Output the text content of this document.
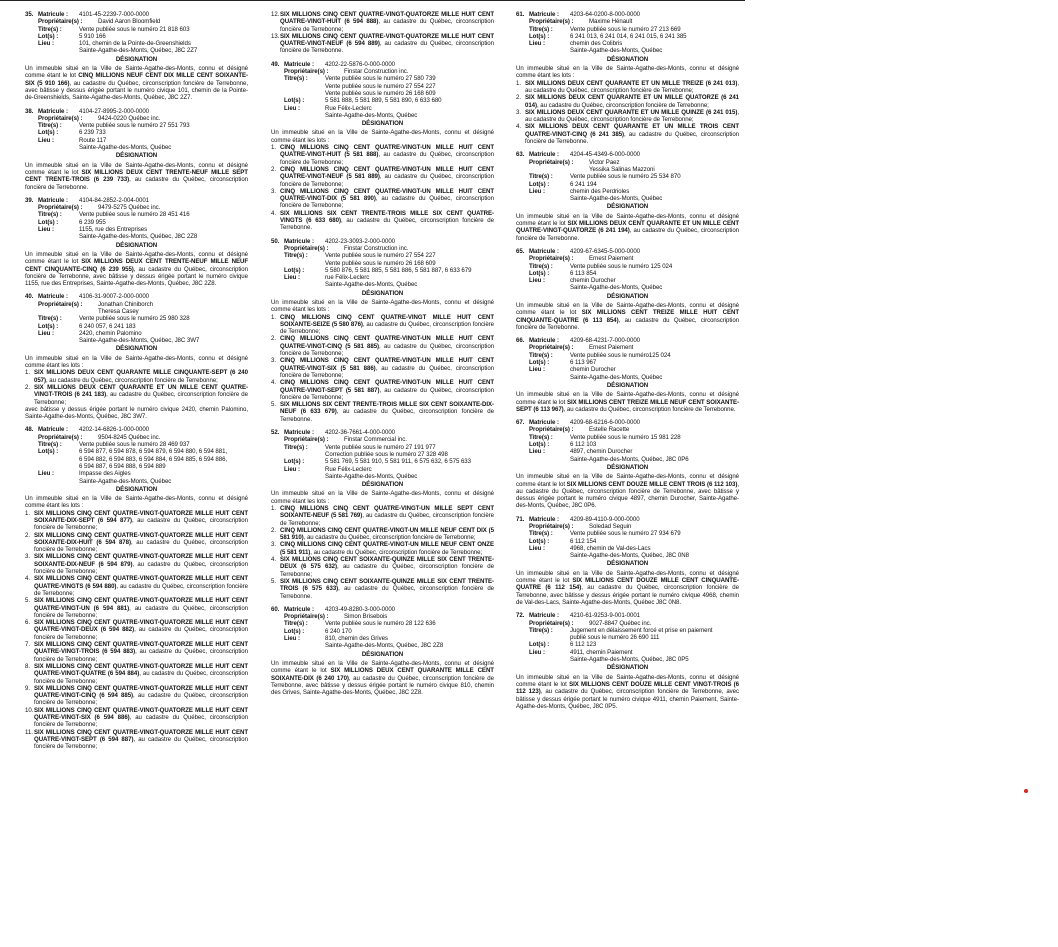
35. Matricule :	4101-45-2239-7-000-0000
Propriétaire(s) :	David Aaron Bloomfield
Titre(s) :	Vente publiée sous le numéro 21 818 603
Lot(s) :	5 910 166
Lieu :	101, chemin de la Pointe-de-Greenshields
Sainte-Agathe-des-Monts, Québec, J8C 2Z7
DÉSIGNATION
Un immeuble situé en la Ville de Sainte-Agathe-des-Monts, connu et désigné comme étant le lot CINQ MILLIONS NEUF CENT DIX MILLE CENT SOIXANTE-SIX (5 910 166), au cadastre du Québec, circonscription foncière de Terrebonne, avec bâtisse y dessus érigée portant le numéro civique 101, chemin de la Pointe-de-Greenshields, Sainte-Agathe-des-Monts, Québec, J8C 2Z7.
38. Matricule :	4104-27-8995-2-000-0000
Propriétaire(s) :	9424-0220 Québec inc.
Titre(s) :	Vente publiée sous le numéro 27 551 793
Lot(s) :	6 239 733
Lieu :	Route 117
Sainte-Agathe-des-Monts, Québec
DÉSIGNATION
Un immeuble situé en la Ville de Sainte-Agathe-des-Monts, connu et désigné comme étant le lot SIX MILLIONS DEUX CENT TRENTE-NEUF MILLE SEPT CENT TRENTE-TROIS (6 239 733), au cadastre du Québec, circonscription foncière de Terrebonne.
39. Matricule :	4104-84-2852-2-004-0001
Propriétaire(s) :	9479-5275 Québec inc.
Titre(s) :	Vente publiée sous le numéro 28 451 416
Lot(s) :	6 239 955
Lieu :	1155, rue des Entreprises
Sainte-Agathe-des-Monts, Québec, J8C 2Z8
DÉSIGNATION
Un immeuble situé en la Ville de Sainte-Agathe-des-Monts, connu et désigné comme étant le lot SIX MILLIONS DEUX CENT TRENTE-NEUF MILLE NEUF CENT CINQUANTE-CINQ (6 239 955), au cadastre du Québec, circonscription foncière de Terrebonne, avec bâtisse y dessus érigée portant le numéro civique 1155, rue des Entreprises, Sainte-Agathe-des-Monts, Québec, J8C 2Z8.
40. Matricule :	4106-31-9007-2-000-0000
Propriétaire(s) :	Jonathan Chiniborch
Theresa Casey
Titre(s) :	Vente publiée sous le numéro 25 980 328
Lot(s) :	6 240 057, 6 241 183
Lieu :	2420, chemin Palomino
Sainte-Agathe-des-Monts, Québec, J8C 3W7
DÉSIGNATION
Un immeuble situé en la Ville de Sainte-Agathe-des-Monts, connu et désigné comme étant les lots :
1. SIX MILLIONS DEUX CENT QUARANTE MILLE CINQUANTE-SEPT (6 240 057), au cadastre du Québec, circonscription foncière de Terrebonne;
2. SIX MILLIONS DEUX CENT QUARANTE ET UN MILLE CENT QUATRE-VINGT-TROIS (6 241 183), au cadastre du Québec, circonscription foncière de Terrebonne;
avec bâtisse y dessus érigée portant le numéro civique 2420, chemin Palomino, Sainte-Agathe-des-Monts, Québec, J8C 3W7.
48. Matricule :	4202-14-6826-1-000-0000
Propriétaire(s) :	9504-8245 Québec inc.
Titre(s) :	Vente publiée sous le numéro 28 469 937
Lot(s) :	6 594 877, 6 594 878, 6 594 879, 6 594 880, 6 594 881,
6 594 882, 6 594 883, 6 594 884, 6 594 885, 6 594 886,
6 594 887, 6 594 888, 6 594 889
Lieu :	Impasse des Aigles
Sainte-Agathe-des-Monts, Québec
DÉSIGNATION
Un immeuble situé en la Ville de Sainte-Agathe-des-Monts, connu et désigné comme étant les lots :
1. SIX MILLIONS CINQ CENT QUATRE-VINGT-QUATORZE MILLE HUIT CENT SOIXANTE-DIX-SEPT (6 594 877), au cadastre du Québec, circonscription foncière de Terrebonne;
2. SIX MILLIONS CINQ CENT QUATRE-VINGT-QUATORZE MILLE HUIT CENT SOIXANTE-DIX-HUIT (6 594 878), au cadastre du Québec, circonscription foncière de Terrebonne;
3. SIX MILLIONS CINQ CENT QUATRE-VINGT-QUATORZE MILLE HUIT CENT SOIXANTE-DIX-NEUF (6 594 879), au cadastre du Québec, circonscription foncière de Terrebonne;
4. SIX MILLIONS CINQ CENT QUATRE-VINGT-QUATORZE MILLE HUIT CENT QUATRE-VINGTS (6 594 880), au cadastre du Québec, circonscription foncière de Terrebonne;
5. SIX MILLIONS CINQ CENT QUATRE-VINGT-QUATORZE MILLE HUIT CENT QUATRE-VINGT-UN (6 594 881), au cadastre du Québec, circonscription foncière de Terrebonne;
6. SIX MILLIONS CINQ CENT QUATRE-VINGT-QUATORZE MILLE HUIT CENT QUATRE-VINGT-DEUX (6 594 882), au cadastre du Québec, circonscription foncière de Terrebonne;
7. SIX MILLIONS CINQ CENT QUATRE-VINGT-QUATORZE MILLE HUIT CENT QUATRE-VINGT-TROIS (6 594 883), au cadastre du Québec, circonscription foncière de Terrebonne;
8. SIX MILLIONS CINQ CENT QUATRE-VINGT-QUATORZE MILLE HUIT CENT QUATRE-VINGT-QUATRE (6 594 884), au cadastre du Québec, circonscription foncière de Terrebonne;
9. SIX MILLIONS CINQ CENT QUATRE-VINGT-QUATORZE MILLE HUIT CENT QUATRE-VINGT-CINQ (6 594 885), au cadastre du Québec, circonscription foncière de Terrebonne;
10. SIX MILLIONS CINQ CENT QUATRE-VINGT-QUATORZE MILLE HUIT CENT QUATRE-VINGT-SIX (6 594 886), au cadastre du Québec, circonscription foncière de Terrebonne;
11. SIX MILLIONS CINQ CENT QUATRE-VINGT-QUATORZE MILLE HUIT CENT QUATRE-VINGT-SEPT (6 594 887), au cadastre du Québec, circonscription foncière de Terrebonne;
12. SIX MILLIONS CINQ CENT QUATRE-VINGT-QUATORZE MILLE HUIT CENT QUATRE-VINGT-HUIT (6 594 888), au cadastre du Québec, circonscription foncière de Terrebonne;
13. SIX MILLIONS CINQ CENT QUATRE-VINGT-QUATORZE MILLE HUIT CENT QUATRE-VINGT-NEUF (6 594 889), au cadastre du Québec, circonscription foncière de Terrebonne.
49. Matricule :	4202-22-5876-0-000-0000
Propriétaire(s) :	Finstar Construction inc.
Titre(s) :	Vente publiée sous le numéro 27 580 739
Vente publiée sous le numéro 27 554 227
Vente publiée sous le numéro 26 168 609
Lot(s) :	5 581 888, 5 581 889, 5 581 890, 6 633 680
Lieu :	Rue Félix-Leclerc
Sainte-Agathe-des-Monts, Québec
DÉSIGNATION
Un immeuble situé en la Ville de Sainte-Agathe-des-Monts, connu et désigné comme étant les lots :
1. CINQ MILLIONS CINQ CENT QUATRE-VINGT-UN MILLE HUIT CENT QUATRE-VINGT-HUIT (5 581 888), au cadastre du Québec, circonscription foncière de Terrebonne;
2. CINQ MILLIONS CINQ CENT QUATRE-VINGT-UN MILLE HUIT CENT QUATRE-VINGT-NEUF (5 581 889), au cadastre du Québec, circonscription foncière de Terrebonne;
3. CINQ MILLIONS CINQ CENT QUATRE-VINGT-UN MILLE HUIT CENT QUATRE-VINGT-DIX (5 581 890), au cadastre du Québec, circonscription foncière de Terrebonne;
4. SIX MILLIONS SIX CENT TRENTE-TROIS MILLE SIX CENT QUATRE-VINGTS (6 633 680), au cadastre du Québec, circonscription foncière de Terrebonne.
50. Matricule :	4202-23-3093-2-000-0000
Propriétaire(s) :	Finstar Construction inc.
Titre(s) :	Vente publiée sous le numéro 27 554 227
Vente publiée sous le numéro 26 168 609
Lot(s) :	5 580 876, 5 581 885, 5 581 886, 5 581 887, 6 633 679
Lieu :	rue Félix-Leclerc
Sainte-Agathe-des-Monts, Québec
DÉSIGNATION
Un immeuble situé en la Ville de Sainte-Agathe-des-Monts, connu et désigné comme étant les lots :
1. CINQ MILLIONS CINQ CENT QUATRE-VINGT MILLE HUIT CENT SOIXANTE-SEIZE (5 580 876), au cadastre du Québec, circonscription foncière de Terrebonne;
2. CINQ MILLIONS CINQ CENT QUATRE-VINGT-UN MILLE HUIT CENT QUATRE-VINGT-CINQ (5 581 885), au cadastre du Québec, circonscription foncière de Terrebonne;
3. CINQ MILLIONS CINQ CENT QUATRE-VINGT-UN MILLE HUIT CENT QUATRE-VINGT-SIX (5 581 886), au cadastre du Québec, circonscription foncière de Terrebonne;
4. CINQ MILLIONS CINQ CENT QUATRE-VINGT-UN MILLE HUIT CENT QUATRE-VINGT-SEPT (5 581 887), au cadastre du Québec, circonscription foncière de Terrebonne;
5. SIX MILLIONS SIX CENT TRENTE-TROIS MILLE SIX CENT SOIXANTE-DIX-NEUF (6 633 679), au cadastre du Québec, circonscription foncière de Terrebonne.
52. Matricule :	4202-36-7661-4-000-0000
Propriétaire(s) :	Finstar Commercial inc.
Titre(s) :	Vente publiée sous le numéro 27 191 977
Correction publiée sous le numéro 27 328 498
Lot(s) :	5 581 769, 5 581 910, 5 581 911, 6 575 632, 6 575 633
Lieu :	Rue Félix-Leclerc
Sainte-Agathe-des-Monts, Québec
DÉSIGNATION
Un immeuble situé en la Ville de Sainte-Agathe-des-Monts, connu et désigné comme étant les lots :
1. CINQ MILLIONS CINQ CENT QUATRE-VINGT-UN MILLE SEPT CENT SOIXANTE-NEUF (5 581 769), au cadastre du Québec, circonscription foncière de Terrebonne;
2. CINQ MILLIONS CINQ CENT QUATRE-VINGT-UN MILLE NEUF CENT DIX (5 581 910), au cadastre du Québec, circonscription foncière de Terrebonne;
3. CINQ MILLIONS CINQ CENT QUATRE-VINGT-UN MILLE NEUF CENT ONZE (5 581 911), au cadastre du Québec, circonscription foncière de Terrebonne;
4. SIX MILLIONS CINQ CENT SOIXANTE-QUINZE MILLE SIX CENT TRENTE-DEUX (6 575 632), au cadastre du Québec, circonscription foncière de Terrebonne;
5. SIX MILLIONS CINQ CENT SOIXANTE-QUINZE MILLE SIX CENT TRENTE-TROIS (6 575 633), au cadastre du Québec, circonscription foncière de Terrebonne.
60. Matricule :	4203-49-8280-3-000-0000
Propriétaire(s) :	Simon Brisebois
Titre(s) :	Vente publiée sous le numéro 28 122 636
Lot(s) :	6 240 170
Lieu :	810, chemin des Grives
Sainte-Agathe-des-Monts, Québec, J8C 2Z8
DÉSIGNATION
Un immeuble situé en la Ville de Sainte-Agathe-des-Monts, connu et désigné comme étant le lot SIX MILLIONS DEUX CENT QUARANTE MILLE CENT SOIXANTE-DIX (6 240 170), au cadastre du Québec, circonscription foncière de Terrebonne, avec bâtisse y dessus érigée portant le numéro civique 810, chemin des Grives, Sainte-Agathe-des-Monts, Québec, J8C 2Z8.
61. Matricule :	4203-64-0200-8-000-0000
Propriétaire(s) :	Maxime Hénault
Titre(s) :	Vente publiée sous le numéro 27 213 669
Lot(s) :	6 241 013, 6 241 014, 6 241 015, 6 241 385
Lieu :	chemin des Colibris
Sainte-Agathe-des-Monts, Québec
DÉSIGNATION
Un immeuble situé en la Ville de Sainte-Agathe-des-Monts, connu et désigné comme étant les lots :
1. SIX MILLIONS DEUX CENT QUARANTE ET UN MILLE TREIZE (6 241 013), au cadastre du Québec, circonscription foncière de Terrebonne;
2. SIX MILLIONS DEUX CENT QUARANTE ET UN MILLE QUATORZE (6 241 014), au cadastre du Québec, circonscription foncière de Terrebonne;
3. SIX MILLIONS DEUX CENT QUARANTE ET UN MILLE QUINZE (6 241 015), au cadastre du Québec, circonscription foncière de Terrebonne;
4. SIX MILLIONS DEUX CENT QUARANTE ET UN MILLE TROIS CENT QUATRE-VINGT-CINQ (6 241 385), au cadastre du Québec, circonscription foncière de Terrebonne.
63. Matricule :	4204-45-4349-6-000-0000
Propriétaire(s) :	Victor Paez
Yessika Salinas Mazzoni
Titre(s) :	Vente publiée sous le numéro 25 534 870
Lot(s) :	6 241 194
Lieu :	chemin des Perdrioles
Sainte-Agathe-des-Monts, Québec
DÉSIGNATION
Un immeuble situé en la Ville de Sainte-Agathe-des-Monts, connu et désigné comme étant le lot SIX MILLIONS DEUX CENT QUARANTE ET UN MILLE CENT QUATRE-VINGT-QUATORZE (6 241 194), au cadastre du Québec, circonscription foncière de Terrebonne.
65. Matricule :	4209-67-6345-5-000-0000
Propriétaire(s) :	Ernest Paiement
Titre(s) :	Vente publiée sous le numéro 125 024
Lot(s) :	6 113 854
Lieu :	chemin Durocher
Sainte-Agathe-des-Monts, Québec
DÉSIGNATION
Un immeuble situé en la Ville de Sainte-Agathe-des-Monts, connu et désigné comme étant le lot SIX MILLIONS CENT TREIZE MILLE HUIT CENT CINQUANTE-QUATRE (6 113 854), au cadastre du Québec, circonscription foncière de Terrebonne.
66. Matricule :	4209-68-4231-7-000-0000
Propriétaire(s) :	Ernest Paiement
Titre(s) :	Vente publiée sous le numéro125 024
Lot(s) :	6 113 967
Lieu :	chemin Durocher
Sainte-Agathe-des-Monts, Québec
DÉSIGNATION
Un immeuble situé en la Ville de Sainte-Agathe-des-Monts, connu et désigné comme étant le lot SIX MILLIONS CENT TREIZE MILLE NEUF CENT SOIXANTE-SEPT (6 113 967), au cadastre du Québec, circonscription foncière de Terrebonne.
67. Matricule :	4209-68-6216-6-000-0000
Propriétaire(s) :	Estelle Racette
Titre(s) :	Vente publiée sous le numéro 15 981 228
Lot(s) :	6 112 103
Lieu :	4897, chemin Durocher
Sainte-Agathe-des-Monts, Québec, J8C 0P6
DÉSIGNATION
Un immeuble situé en la Ville de Sainte-Agathe-des-Monts, connu et désigné comme étant le lot SIX MILLIONS CENT DOUZE MILLE CENT TROIS (6 112 103), au cadastre du Québec, circonscription foncière de Terrebonne, avec bâtisse y dessus érigée portant le numéro civique 4897, chemin Durocher, Sainte-Agathe-des-Monts, Québec, J8C 0P6.
71. Matricule :	4209-89-4110-9-000-0000
Propriétaire(s) :	Soledad Seguin
Titre(s) :	Vente publiée sous le numéro 27 934 679
Lot(s) :	6 112 154
Lieu :	4968, chemin de Val-des-Lacs
Sainte-Agathe-des-Monts, Québec, J8C 0N8
DÉSIGNATION
Un immeuble situé en la Ville de Sainte-Agathe-des-Monts, connu et désigné comme étant le lot SIX MILLIONS CENT DOUZE MILLE CENT CINQUANTE-QUATRE (6 112 154), au cadastre du Québec, circonscription foncière de Terrebonne, avec bâtisse y dessus érigée portant le numéro civique 4968, chemin de Val-des-Lacs, Sainte-Agathe-des-Monts, Québec J8C 0N8.
72. Matricule :	4210-61-9253-9-001-0001
Propriétaire(s) :	9027-8847 Québec inc.
Titre(s) :	Jugement en délaissement forcé et prise en paiement
publié sous le numéro 26 690 111
Lot(s) :	6 112 123
Lieu :	4911, chemin Paiement
Sainte-Agathe-des-Monts, Québec, J8C 0P5
DÉSIGNATION
Un immeuble situé en la Ville de Sainte-Agathe-des-Monts, connu et désigné comme étant le lot SIX MILLIONS CENT DOUZE MILLE CENT VINGT-TROIS (6 112 123), au cadastre du Québec, circonscription foncière de Terrebonne, avec bâtisse y dessus érigée portant le numéro civique 4911, chemin Paiement, Sainte-Agathe-des-Monts, Québec, J8C 0P5.
